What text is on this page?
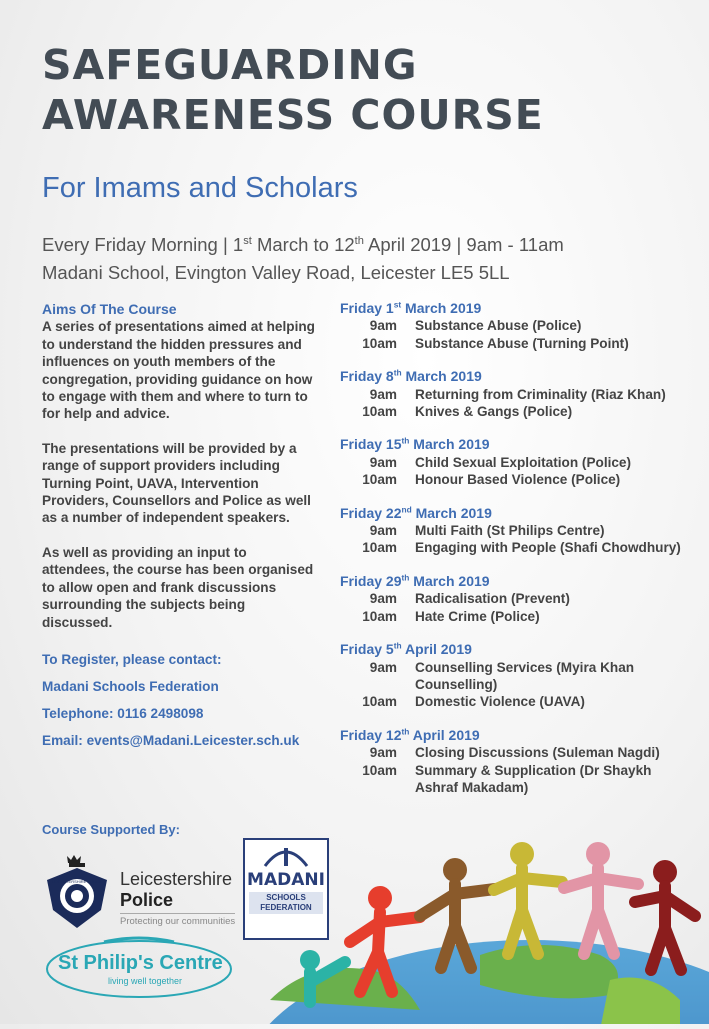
SAFEGUARDING
AWARENESS COURSE
For Imams and Scholars
Every Friday Morning | 1st March to 12th April 2019 | 9am - 11am
Madani School, Evington Valley Road, Leicester LE5 5LL
Aims Of The Course

A series of presentations aimed at helping to understand the hidden pressures and influences on youth members of the congregation, providing guidance on how to engage with them and where to turn to for help and advice.

The presentations will be provided by a range of support providers including Turning Point, UAVA, Intervention Providers, Counsellors and Police as well as a number of independent speakers.

As well as providing an input to attendees, the course has been organised to allow open and frank discussions surrounding the subjects being discussed.

To Register, please contact:
Madani Schools Federation
Telephone: 0116 2498098
Email: events@Madani.Leicester.sch.uk
Friday 1st March 2019
9am	Substance Abuse (Police)
10am	Substance Abuse (Turning Point)
Friday 8th March 2019
9am	Returning from Criminality (Riaz Khan)
10am	Knives & Gangs (Police)
Friday 15th March 2019
9am	Child Sexual Exploitation (Police)
10am	Honour Based Violence (Police)
Friday 22nd March 2019
9am	Multi Faith (St Philips Centre)
10am	Engaging with People (Shafi Chowdhury)
Friday 29th March 2019
9am	Radicalisation (Prevent)
10am	Hate Crime (Police)
Friday 5th April 2019
9am	Counselling Services (Myira Khan Counselling)
10am	Domestic Violence (UAVA)
Friday 12th April 2019
9am	Closing Discussions (Suleman Nagdi)
10am	Summary & Supplication (Dr Shaykh Ashraf Makadam)
Course Supported By:
LEICESTERSHIRE POLICE Leicestershire
Police
Protecting our communities
MADANI
SCHOOLS FEDERATION
St Philip's Centre
living well together
